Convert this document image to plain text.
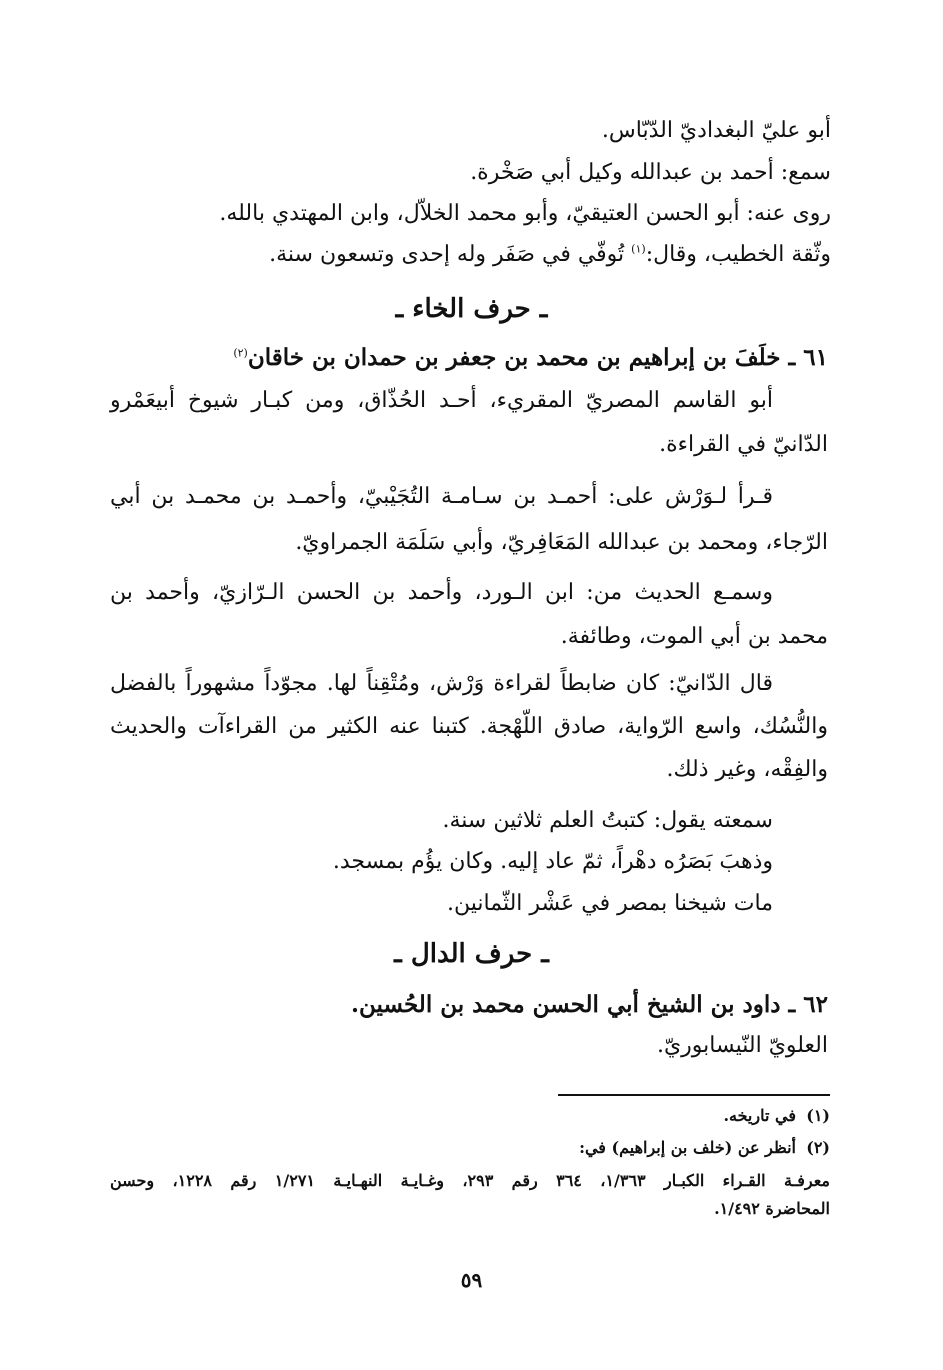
أبو عليّ البغداديّ الدّبّاس.
سمع: أحمد بن عبدالله وكيل أبي صَخْرة.
روى عنه: أبو الحسن العتيقيّ، وأبو محمد الخلاّل، وابن المهتدي بالله.
وثّقة الخطيب، وقال:$^{(١)}$ تُوفّي في صَفَر وله إحدى وتسعون سنة.
ـ حرف الخاء ـ
٦١ ـ خلَفَ بن إبراهيم بن محمد بن جعفر بن حمدان بن خاقان$^{(٢)}$
أبو القاسم المصريّ المقريء، أحـد الحُذّاق، ومن كبـار شيوخ أبيعَمْرو
الدّانيّ في القراءة.
قـرأ لـوَرْش على: أحمـد بن سـامـة التُجَيْبيّ، وأحمـد بن محمـد بن أبي
الرّجاء، ومحمد بن عبدالله المَعَافِريّ، وأبي سَلَمَة الجمراويّ.
وسمـع الحديث من: ابن الـورد، وأحمد بن الحسن الـرّازيّ، وأحمد بن
محمد بن أبي الموت، وطائفة.
قال الدّانيّ: كان ضابطاً لقراءة وَرْش، ومُتْقِناً لها. مجوّداً مشهوراً بالفضل
والنُّسُك، واسع الرّواية، صادق اللّهْجة. كتبنا عنه الكثير من القراءآت والحديث
والفِقْه، وغير ذلك.
سمعته يقول: كتبتُ العلم ثلاثين سنة.
وذهبَ بَصَرُه دهْراً، ثمّ عاد إليه. وكان يؤُم بمسجد.
مات شيخنا بمصر في عَشْر الثّمانين.
ـ حرف الدال ـ
٦٢ ـ داود بن الشيخ أبي الحسن محمد بن الحُسين.
العلويّ النّيسابوريّ.
(١)في تاريخه.
(٢)أنظر عن (خلف بن إبراهيم) في:
معرفـة القـراء الكبـار ١/٣٦٣، ٣٦٤ رقم ٢٩٣، وغـايـة النهـايـة ١/٢٧١ رقم ١٢٢٨، وحسن
المحاضرة ١/٤٩٢.
٥٩
